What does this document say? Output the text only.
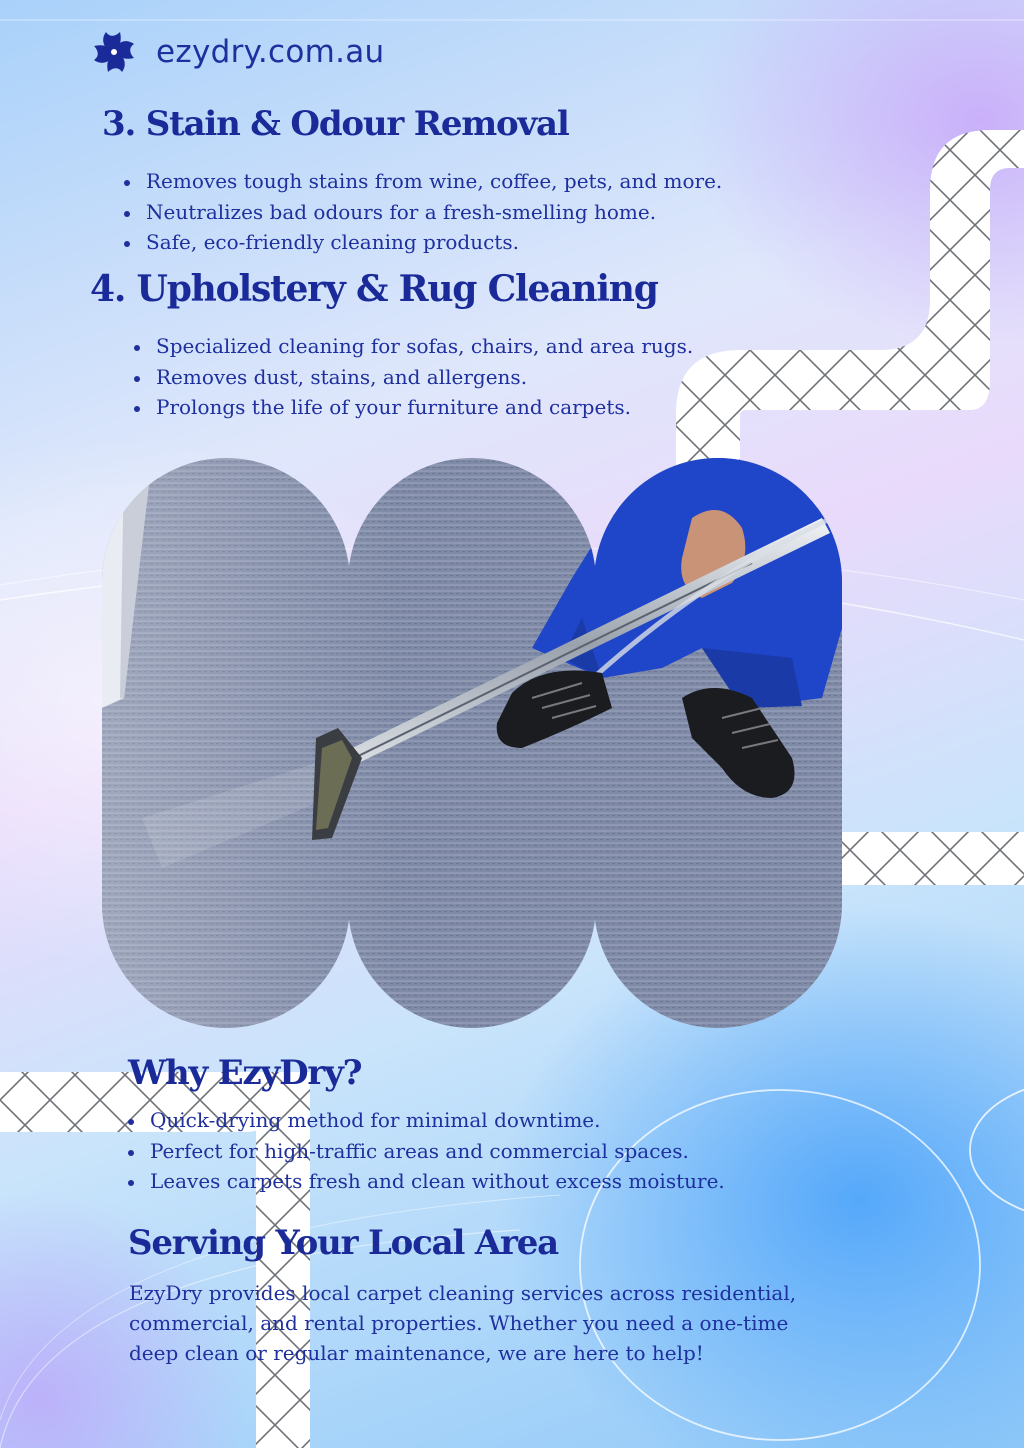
ezydry.com.au
3. Stain & Odour Removal
Removes tough stains from wine, coffee, pets, and more.
Neutralizes bad odours for a fresh-smelling home.
Safe, eco-friendly cleaning products.
4. Upholstery & Rug Cleaning
Specialized cleaning for sofas, chairs, and area rugs.
Removes dust, stains, and allergens.
Prolongs the life of your furniture and carpets.
Why EzyDry?
Quick-drying method for minimal downtime.
Perfect for high-traffic areas and commercial spaces.
Leaves carpets fresh and clean without excess moisture.
Serving Your Local Area

EzyDry provides local carpet cleaning services across residential, commercial, and rental properties. Whether you need a one-time deep clean or regular maintenance, we are here to help!
